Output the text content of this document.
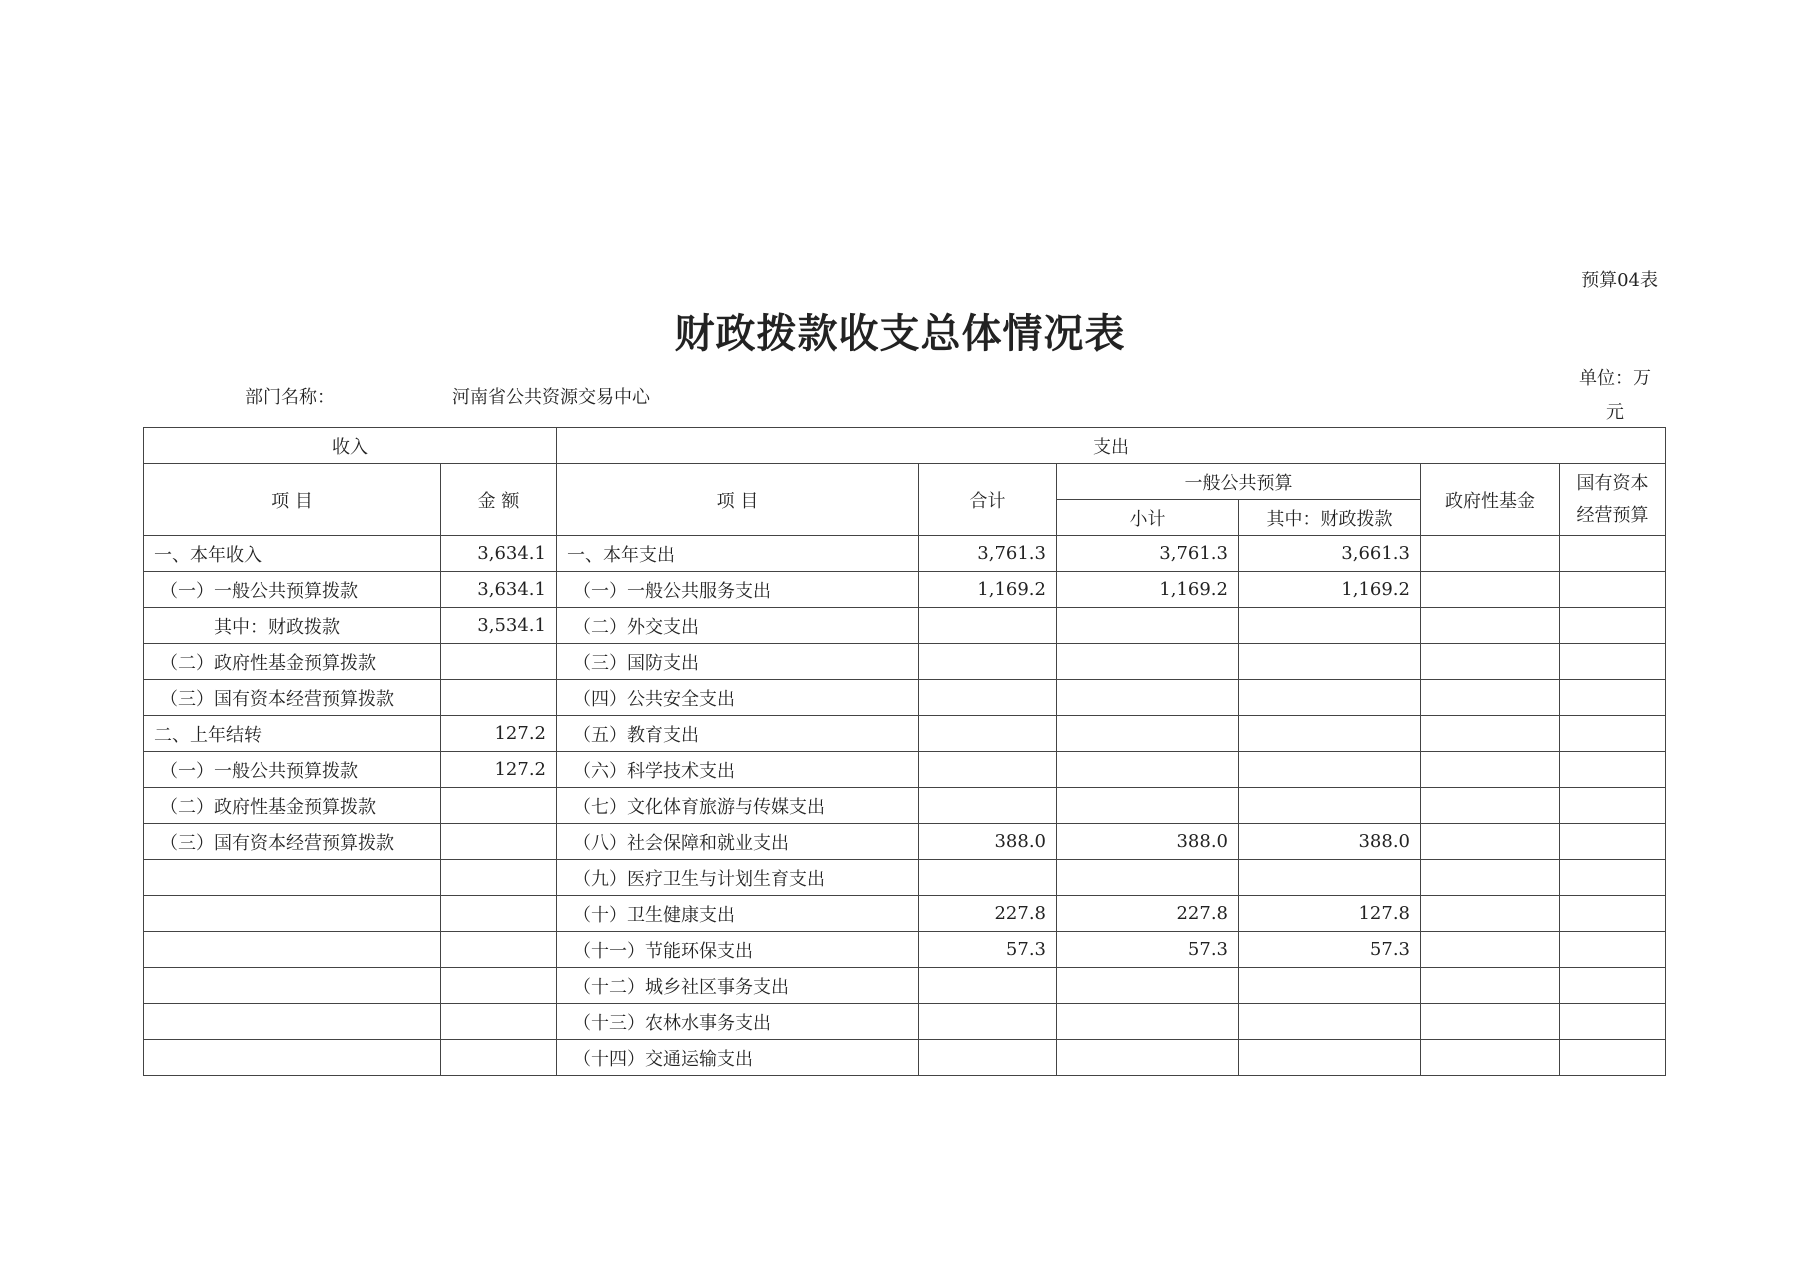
预算04表
财政拨款收支总体情况表
部门名称：	河南省公共资源交易中心
单位：万
元
收入		支出					
项 目	金 额	项 目	合计	一般公共预算		政府性基金	国有资本
经营预算

				小计	其中：财政拨款		
一、本年收入	3,634.1	一、本年支出	3,761.3	3,761.3	3,661.3		
（一）一般公共预算拨款	3,634.1	（一）一般公共服务支出	1,169.2	1,169.2	1,169.2		
其中：财政拨款	3,534.1	（二）外交支出					
（二）政府性基金预算拨款		（三）国防支出					
（三）国有资本经营预算拨款		（四）公共安全支出					
二、上年结转	127.2	（五）教育支出					
（一）一般公共预算拨款	127.2	（六）科学技术支出					
（二）政府性基金预算拨款		（七）文化体育旅游与传媒支出					
（三）国有资本经营预算拨款		（八）社会保障和就业支出	388.0	388.0	388.0		
		（九）医疗卫生与计划生育支出					
		（十）卫生健康支出	227.8	227.8	127.8		
		（十一）节能环保支出	57.3	57.3	57.3		
		（十二）城乡社区事务支出					
		（十三）农林水事务支出					
		（十四）交通运输支出					
